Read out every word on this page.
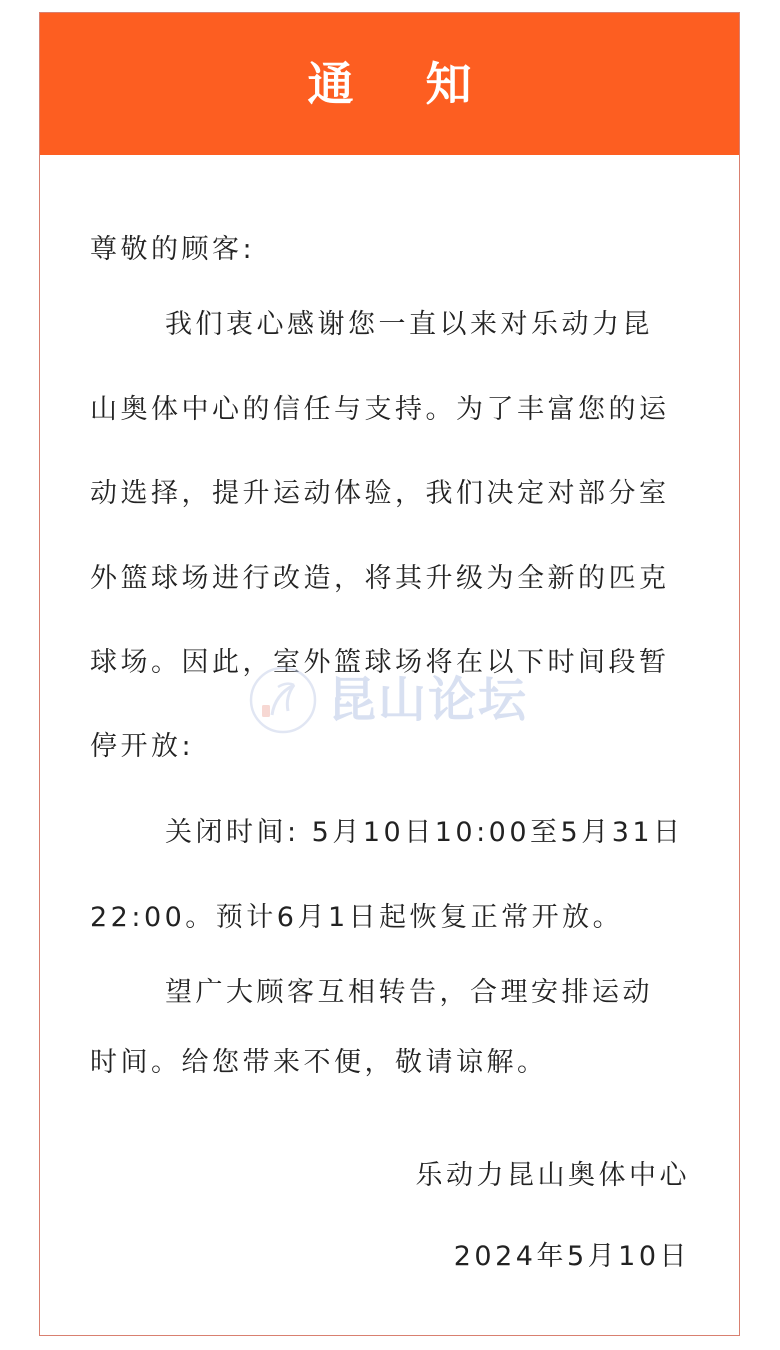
通 知
尊敬的顾客:
我们衷心感谢您一直以来对乐动力昆
山奥体中心的信任与支持。为了丰富您的运
动选择，提升运动体验，我们决定对部分室
外篮球场进行改造，将其升级为全新的匹克
球场。因此，室外篮球场将在以下时间段暂
停开放:
关闭时间: 5月10日10:00至5月31日
22:00。预计6月1日起恢复正常开放。
望广大顾客互相转告，合理安排运动
时间。给您带来不便，敬请谅解。
乐动力昆山奥体中心
2024年5月10日
昆山论坛
